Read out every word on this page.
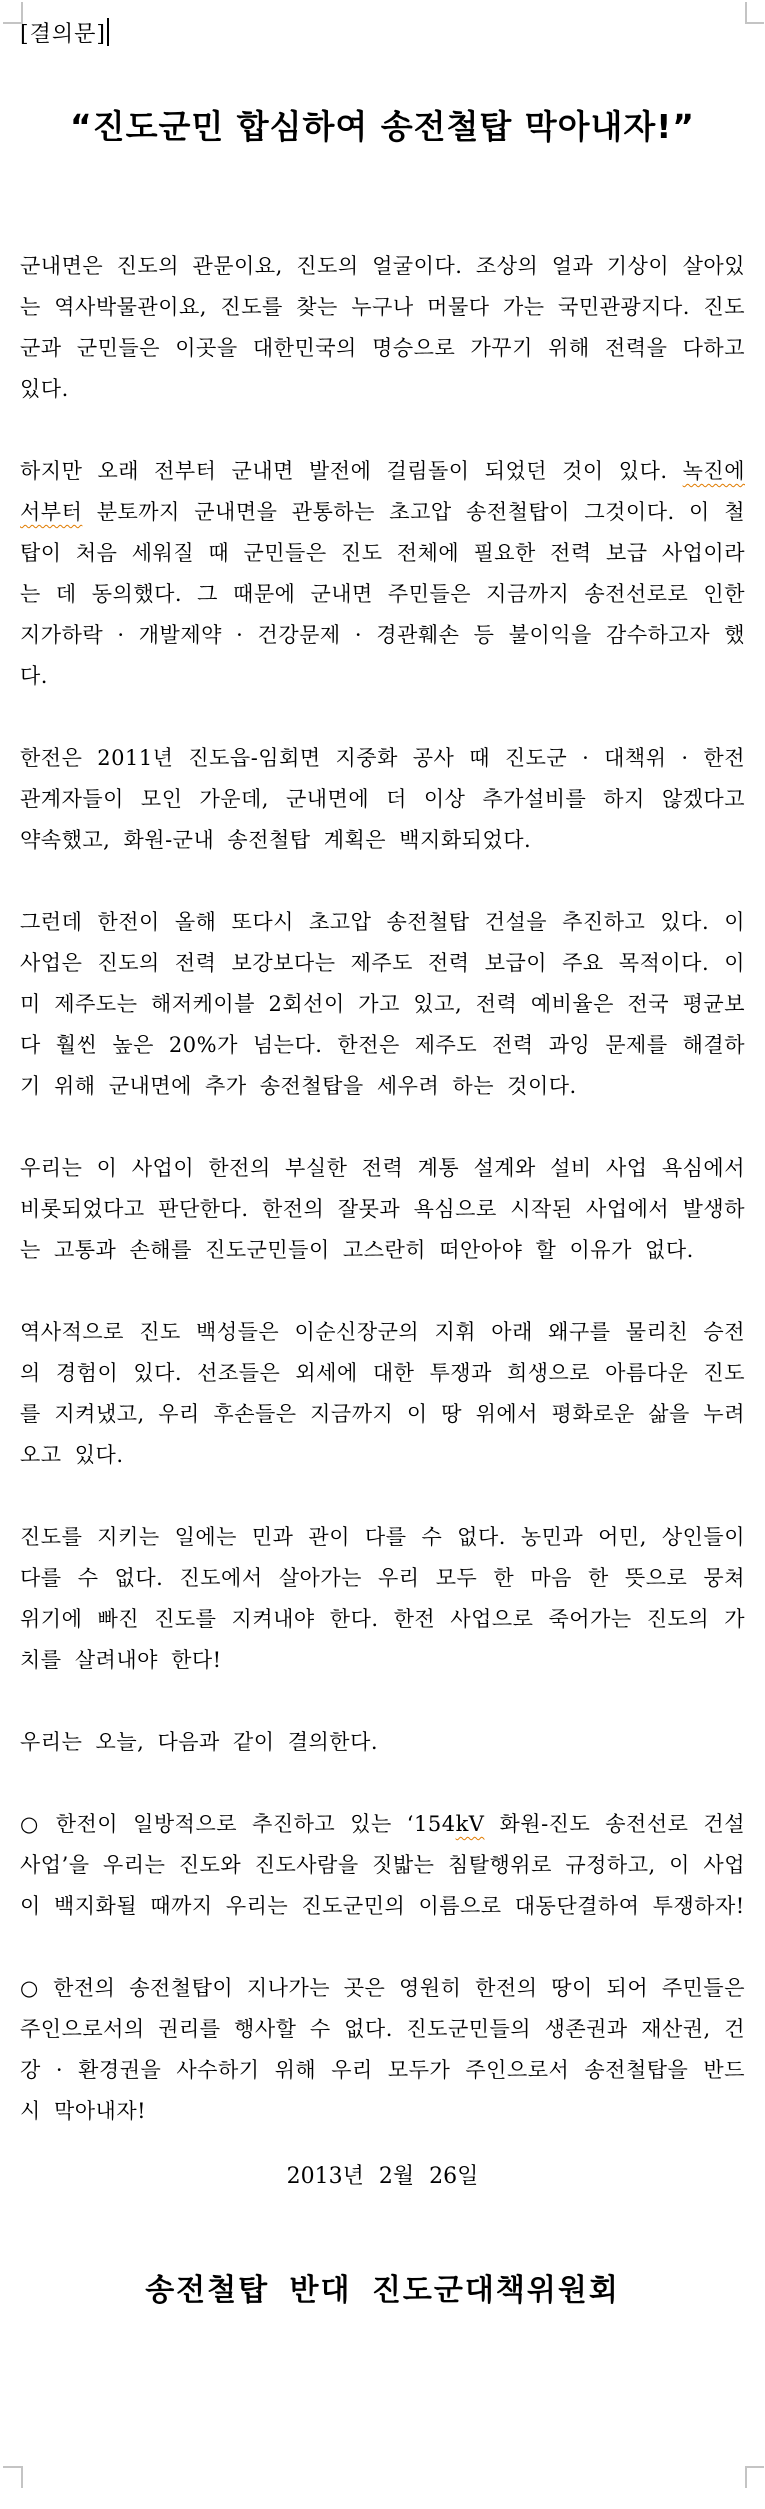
[결의문]
“진도군민 합심하여 송전철탑 막아내자!”

군내면은 진도의 관문이요, 진도의 얼굴이다. 조상의 얼과 기상이 살아있는 역사박물관이요, 진도를 찾는 누구나 머물다 가는 국민관광지다. 진도군과 군민들은 이곳을 대한민국의 명승으로 가꾸기 위해 전력을 다하고 있다.

하지만 오래 전부터 군내면 발전에 걸림돌이 되었던 것이 있다. 녹진에서부터 분토까지 군내면을 관통하는 초고압 송전철탑이 그것이다. 이 철탑이 처음 세워질 때 군민들은 진도 전체에 필요한 전력 보급 사업이라는 데 동의했다. 그 때문에 군내면 주민들은 지금까지 송전선로로 인한 지가하락 · 개발제약 · 건강문제 · 경관훼손 등 불이익을 감수하고자 했다.

한전은 2011년 진도읍-임회면 지중화 공사 때 진도군 · 대책위 · 한전 관계자들이 모인 가운데, 군내면에 더 이상 추가설비를 하지 않겠다고 약속했고, 화원-군내 송전철탑 계획은 백지화되었다.

그런데 한전이 올해 또다시 초고압 송전철탑 건설을 추진하고 있다. 이 사업은 진도의 전력 보강보다는 제주도 전력 보급이 주요 목적이다. 이미 제주도는 해저케이블 2회선이 가고 있고, 전력 예비율은 전국 평균보다 훨씬 높은 20%가 넘는다. 한전은 제주도 전력 과잉 문제를 해결하기 위해 군내면에 추가 송전철탑을 세우려 하는 것이다.

우리는 이 사업이 한전의 부실한 전력 계통 설계와 설비 사업 욕심에서 비롯되었다고 판단한다. 한전의 잘못과 욕심으로 시작된 사업에서 발생하는 고통과 손해를 진도군민들이 고스란히 떠안아야 할 이유가 없다.

역사적으로 진도 백성들은 이순신장군의 지휘 아래 왜구를 물리친 승전의 경험이 있다. 선조들은 외세에 대한 투쟁과 희생으로 아름다운 진도를 지켜냈고, 우리 후손들은 지금까지 이 땅 위에서 평화로운 삶을 누려오고 있다.

진도를 지키는 일에는 민과 관이 다를 수 없다. 농민과 어민, 상인들이 다를 수 없다. 진도에서 살아가는 우리 모두 한 마음 한 뜻으로 뭉쳐 위기에 빠진 진도를 지켜내야 한다. 한전 사업으로 죽어가는 진도의 가치를 살려내야 한다!

우리는 오늘, 다음과 같이 결의한다.

○ 한전이 일방적으로 추진하고 있는 ‘154kV 화원-진도 송전선로 건설사업’을 우리는 진도와 진도사람을 짓밟는 침탈행위로 규정하고, 이 사업이 백지화될 때까지 우리는 진도군민의 이름으로 대동단결하여 투쟁하자!

○ 한전의 송전철탑이 지나가는 곳은 영원히 한전의 땅이 되어 주민들은 주인으로서의 권리를 행사할 수 없다. 진도군민들의 생존권과 재산권, 건강 · 환경권을 사수하기 위해 우리 모두가 주인으로서 송전철탑을 반드시 막아내자!

2013년 2월 26일
송전철탑 반대 진도군대책위원회
